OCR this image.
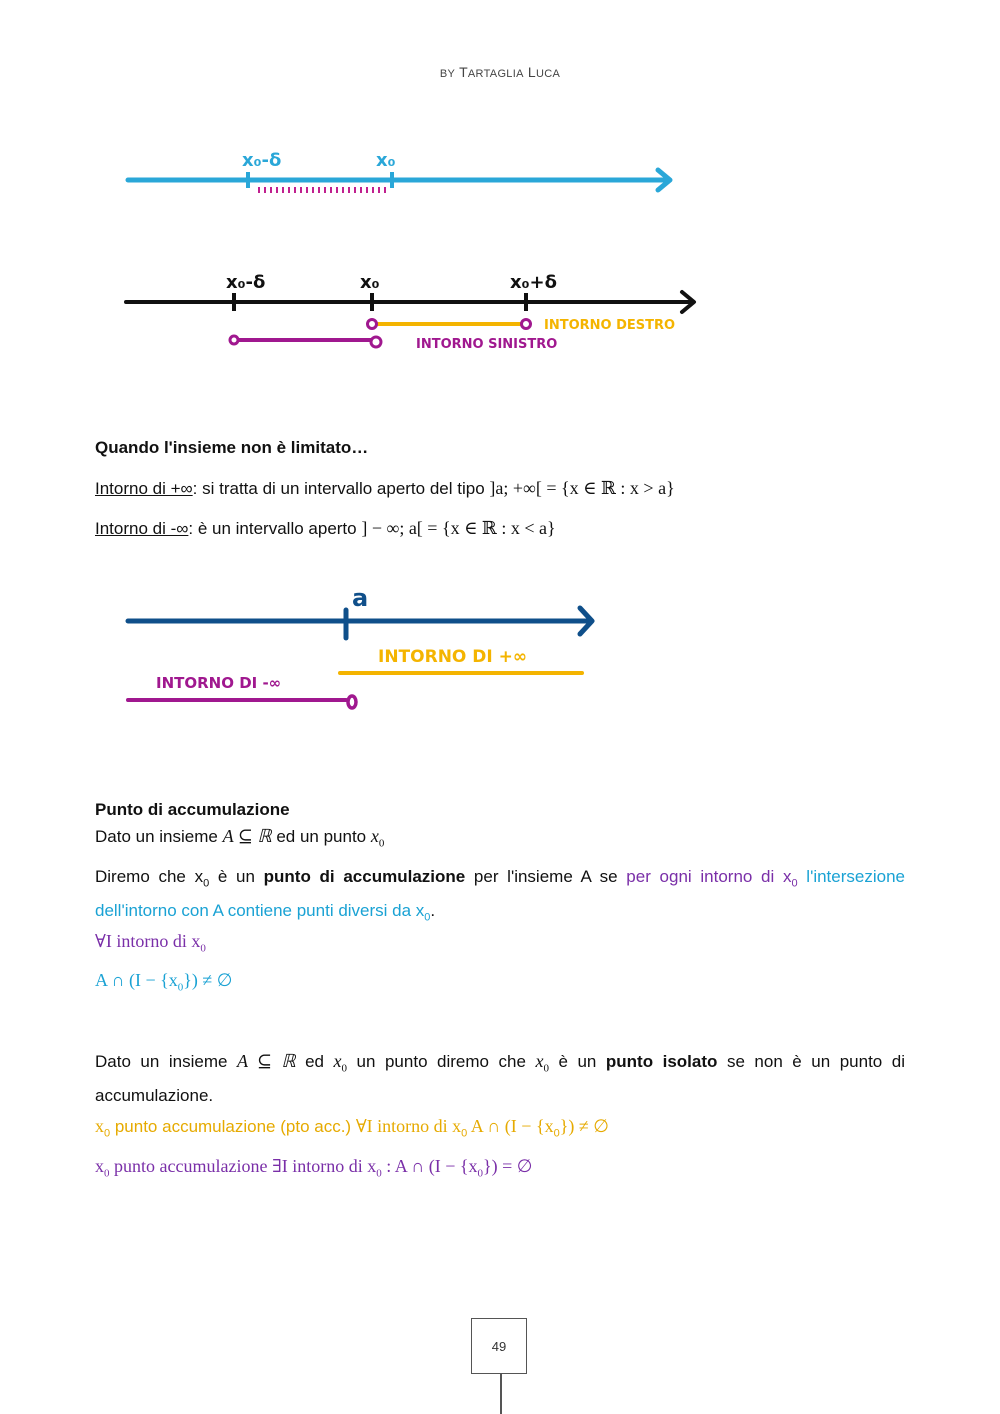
BY TARTAGLIA LUCA
x₀-δ	x₀
x₀-δ	x₀	x₀+δ
INTORNO DESTRO
INTORNO SINISTRO
Quando l'insieme non è limitato…
Intorno di +∞: si tratta di un intervallo aperto del tipo ]a; +∞[ = {x ∈ ℝ : x > a}
Intorno di -∞: è un intervallo aperto ] − ∞; a[ = {x ∈ ℝ : x < a}
a
INTORNO DI +∞
INTORNO DI -∞
Punto di accumulazione
Dato un insieme A ⊆ ℝ ed un punto $x_0$
Diremo che $x_0$ è un punto di accumulazione per l'insieme A se per ogni intorno di $x_0$ l'intersezione dell'intorno con A contiene punti diversi da $x_0$.
∀I intorno di $x_0$
A ∩ $(I - \{x_0\})$ ≠ ∅
Dato un insieme A ⊆ ℝ ed $x_0$ un punto diremo che $x_0$ è un punto isolato se non è un punto di accumulazione.
$x_0$ punto accumulazione (pto acc.) ∀I intorno di $x_0$ A ∩ $(I - \{x_0\})$ ≠ ∅
$x_0$ punto accumulazione ∃I intorno di $x_0$ : A ∩ $(I - \{x_0\})$ = ∅
49
